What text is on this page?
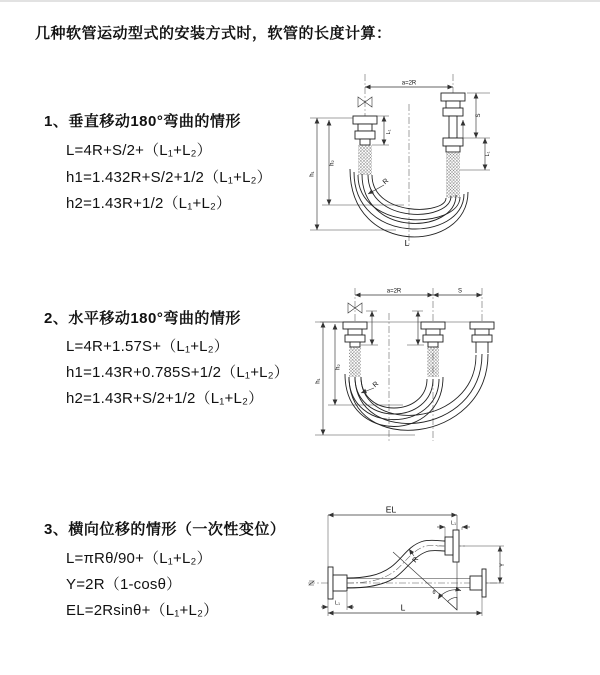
几种软管运动型式的安装方式时，软管的长度计算：
1、垂直移动180°弯曲的情形
L=4R+S/2+（L₁+L₂）
h1=1.432R+S/2+1/2（L₁+L₂）
h2=1.43R+1/2（L₁+L₂）
2、水平移动180°弯曲的情形
L=4R+1.57S+（L₁+L₂）
h1=1.43R+0.785S+1/2（L₁+L₂）
h2=1.43R+S/2+1/2（L₁+L₂）
3、横向位移的情形（一次性变位）
L=πRθ/90+（L₁+L₂）
Y=2R（1-cosθ）
EL=2Rsinθ+（L₁+L₂）
a=2R
L₁
S
L₁
h₁
h₂
R
L
a=2R	S
h₁
h₂
R
EL
L₁
θ
R
Y
L₁	L
